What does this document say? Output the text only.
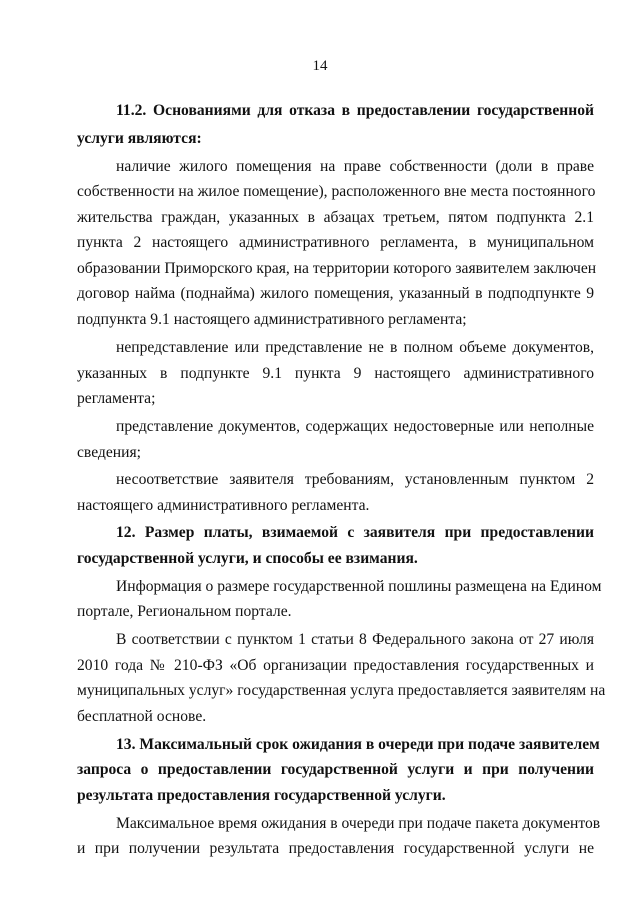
14
11.2. Основаниями для отказа в предоставлении государственной
услуги являются:
наличие жилого помещения на праве собственности (доли в праве
собственности на жилое помещение), расположенного вне места постоянного
жительства граждан, указанных в абзацах третьем, пятом подпункта 2.1
пункта 2 настоящего административного регламента, в муниципальном
образовании Приморского края, на территории которого заявителем заключен
договор найма (поднайма) жилого помещения, указанный в подподпункте 9
подпункта 9.1 настоящего административного регламента;
непредставление или представление не в полном объеме документов,
указанных в подпункте 9.1 пункта 9 настоящего административного
регламента;
представление документов, содержащих недостоверные или неполные
сведения;
несоответствие заявителя требованиям, установленным пунктом 2
настоящего административного регламента.
12. Размер платы, взимаемой с заявителя при предоставлении
государственной услуги, и способы ее взимания.
Информация о размере государственной пошлины размещена на Едином
портале, Региональном портале.
В соответствии с пунктом 1 статьи 8 Федерального закона от 27 июля
2010 года № 210-ФЗ «Об организации предоставления государственных и
муниципальных услуг» государственная услуга предоставляется заявителям на
бесплатной основе.
13. Максимальный срок ожидания в очереди при подаче заявителем
запроса о предоставлении государственной услуги и при получении
результата предоставления государственной услуги.
Максимальное время ожидания в очереди при подаче пакета документов
и при получении результата предоставления государственной услуги не
